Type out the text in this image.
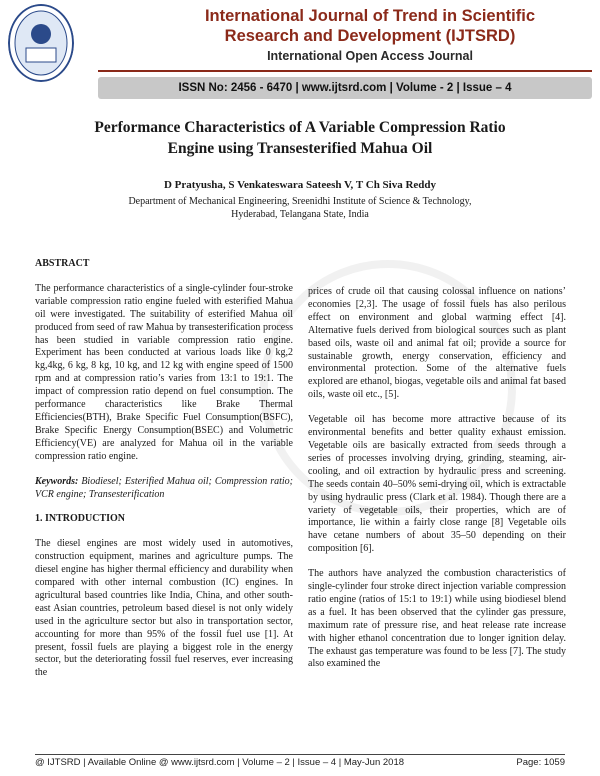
International Journal of Trend in Scientific
Research and Development (IJTSRD)
International Open Access Journal
ISSN No: 2456 - 6470 | www.ijtsrd.com | Volume - 2 | Issue – 4
Performance Characteristics of A Variable Compression Ratio
Engine using Transesterified Mahua Oil
D Pratyusha, S Venkateswara Sateesh V, T Ch Siva Reddy
Department of Mechanical Engineering, Sreenidhi Institute of Science & Technology,
Hyderabad, Telangana State, India
ABSTRACT

The performance characteristics of a single-cylinder four-stroke variable compression ratio engine fueled with esterified Mahua oil were investigated. The suitability of esterified Mahua oil produced from seed of raw Mahua by transesterification process has been studied in variable compression ratio engine. Experiment has been conducted at various loads like 0 kg,2 kg,4kg, 6 kg, 8 kg, 10 kg, and 12 kg with engine speed of 1500 rpm and at compression ratio’s varies from 13:1 to 19:1. The impact of compression ratio depend on fuel consumption. The performance characteristics like Brake Thermal Efficiencies(BTH), Brake Specific Fuel Consumption(BSFC), Brake Specific Energy Consumption(BSEC) and Volumetric Efficiency(VE) are analyzed for Mahua oil in the variable compression ratio engine.

Keywords: Biodiesel; Esterified Mahua oil; Compression ratio; VCR engine; Transesterification

1. INTRODUCTION

The diesel engines are most widely used in automotives, construction equipment, marines and agriculture pumps. The diesel engine has higher thermal efficiency and durability when compared with other internal combustion (IC) engines. In agricultural based countries like India, China, and other south-east Asian countries, petroleum based diesel is not only widely used in the agriculture sector but also in transportation sector, accounting for more than 95% of the fossil fuel use [1]. At present, fossil fuels are playing a biggest role in the energy sector, but the deteriorating fossil fuel reserves, ever increasing the

prices of crude oil that causing colossal influence on nations’ economies [2,3]. The usage of fossil fuels has also perilous effect on environment and global warming effect [4]. Alternative fuels derived from biological sources such as plant based oils, waste oil and animal fat oil; provide a source for sustainable growth, energy conservation, efficiency and environmental protection. Some of the alternative fuels explored are ethanol, biogas, vegetable oils and animal fat based oils, waste oil etc., [5].

Vegetable oil has become more attractive because of its environmental benefits and better quality exhaust emission. Vegetable oils are basically extracted from seeds through a series of processes involving drying, grinding, steaming, air-cooling, and oil extraction by hydraulic press and screening. The seeds contain 40–50% semi-drying oil, which is extractable by using hydraulic press (Clark et al. 1984). Though there are a variety of vegetable oils, their properties, which are of importance, lie within a fairly close range [8] Vegetable oils have cetane numbers of about 35–50 depending on their composition [6].

The authors have analyzed the combustion characteristics of single-cylinder four stroke direct injection variable compression ratio engine (ratios of 15:1 to 19:1) while using biodiesel blend as a fuel. It has been observed that the cylinder gas pressure, maximum rate of pressure rise, and heat release rate increase with higher ethanol concentration due to longer ignition delay. The exhaust gas temperature was found to be less [7]. The study also examined the

@ IJTSRD | Available Online @ www.ijtsrd.com | Volume – 2 | Issue – 4 | May-Jun 2018	Page: 1059
